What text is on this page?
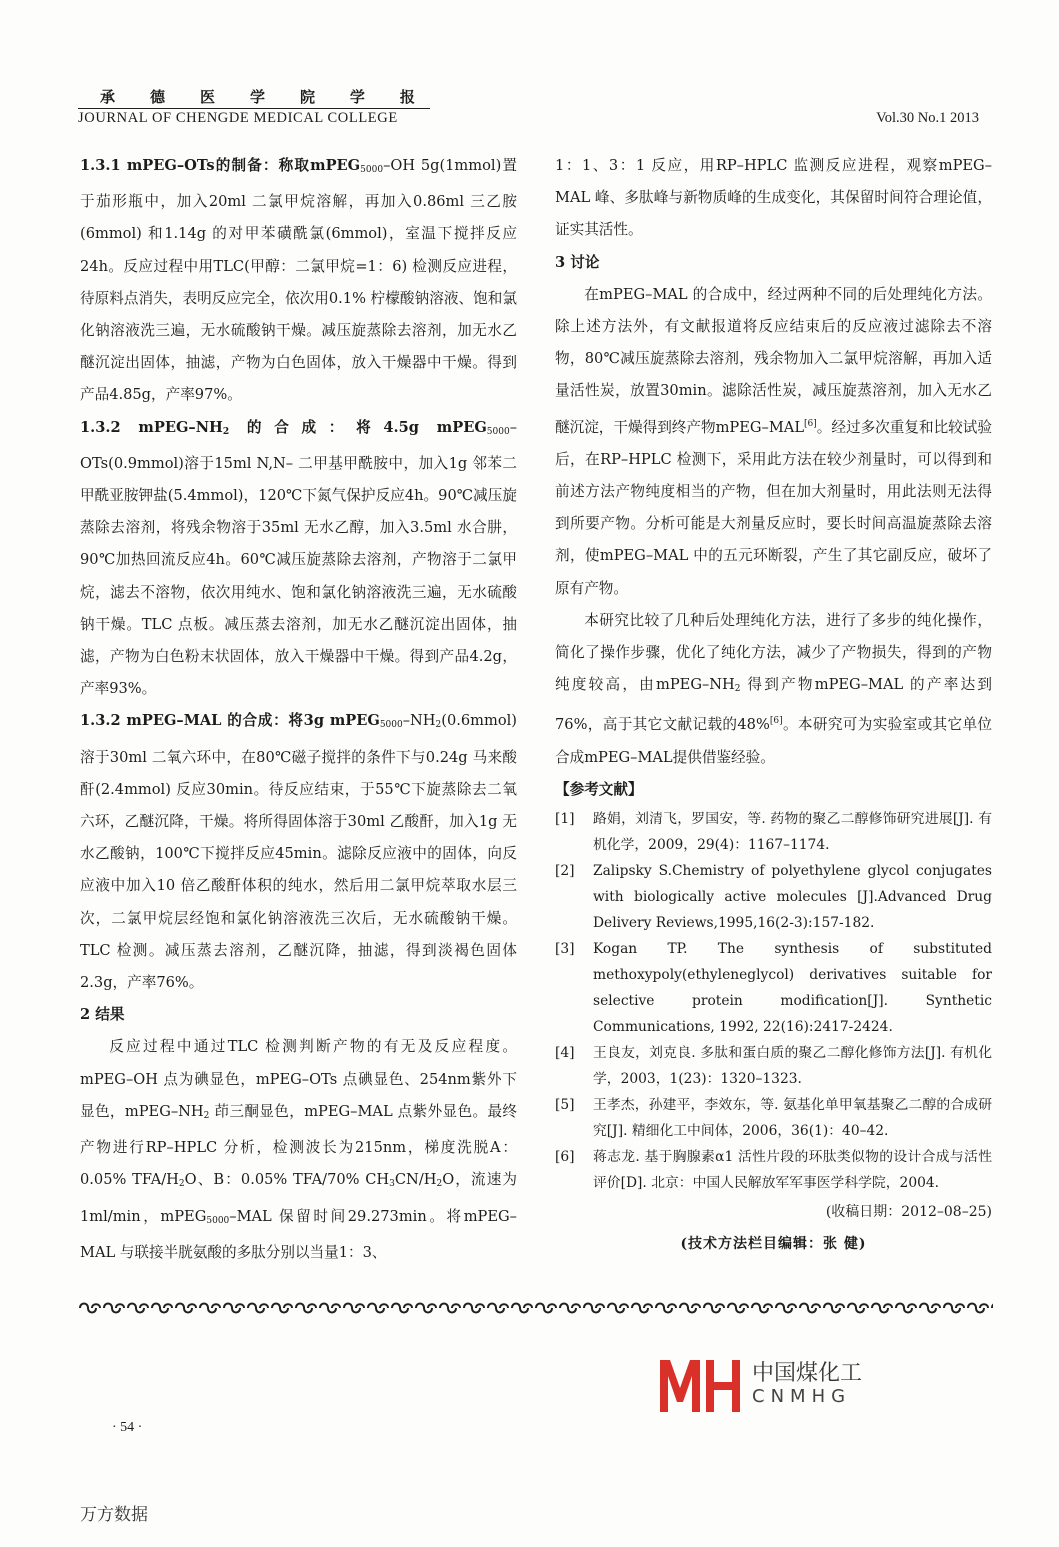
承 德 医 学 院 学 报
JOURNAL OF CHENGDE MEDICAL COLLEGE	Vol.30 No.1 2013

1.3.1 mPEG–OTs的制备：称取mPEG$_{5000}$–OH 5g(1mmol)置于茄形瓶中，加入20ml 二氯甲烷溶解，再加入0.86ml 三乙胺(6mmol) 和1.14g 的对甲苯磺酰氯(6mmol)，室温下搅拌反应24h。反应过程中用TLC(甲醇：二氯甲烷=1：6) 检测反应进程，待原料点消失，表明反应完全，依次用0.1% 柠檬酸钠溶液、饱和氯化钠溶液洗三遍，无水硫酸钠干燥。减压旋蒸除去溶剂，加无水乙醚沉淀出固体，抽滤，产物为白色固体，放入干燥器中干燥。得到产品4.85g，产率97%。

1.3.2 mPEG–$NH_2$ 的合成：将4.5g mPEG$_{5000}$–OTs(0.9mmol)溶于15ml N,N– 二甲基甲酰胺中，加入1g 邻苯二甲酰亚胺钾盐(5.4mmol)，120℃下氮气保护反应4h。90℃减压旋蒸除去溶剂，将残余物溶于35ml 无水乙醇，加入3.5ml 水合肼，90℃加热回流反应4h。60℃减压旋蒸除去溶剂，产物溶于二氯甲烷，滤去不溶物，依次用纯水、饱和氯化钠溶液洗三遍，无水硫酸钠干燥。TLC 点板。减压蒸去溶剂，加无水乙醚沉淀出固体，抽滤，产物为白色粉末状固体，放入干燥器中干燥。得到产品4.2g，产率93%。

1.3.2 mPEG–MAL 的合成：将3g $mPEG_{5000}-NH_2(0.6mmol)$溶于30ml 二氧六环中，在80℃磁子搅拌的条件下与0.24g 马来酸酐(2.4mmol) 反应30min。待反应结束，于55℃下旋蒸除去二氧六环，乙醚沉降，干燥。将所得固体溶于30ml 乙酸酐，加入1g 无水乙酸钠，100℃下搅拌反应45min。滤除反应液中的固体，向反应液中加入10 倍乙酸酐体积的纯水，然后用二氯甲烷萃取水层三次，二氯甲烷层经饱和氯化钠溶液洗三次后，无水硫酸钠干燥。TLC 检测。减压蒸去溶剂，乙醚沉降，抽滤，得到淡褐色固体2.3g，产率76%。

2 结果

反应过程中通过TLC 检测判断产物的有无及反应程度。mPEG–OH 点为碘显色，mPEG–OTs 点碘显色、254nm紫外下显色，mPEG–$NH_2$ 茚三酮显色，mPEG–MAL 点紫外显色。最终产物进行RP–HPLC 分析，检测波长为215nm，梯度洗脱A：0.05% TFA/$H_2O$、B：0.05% TFA/70% $CH_3CN/H_2O$，流速为1ml/min，mPEG$_{5000}$–MAL 保留时间29.273min。将mPEG–MAL 与联接半胱氨酸的多肽分别以当量1：3、

1：1、3：1 反应，用RP–HPLC 监测反应进程，观察mPEG–MAL 峰、多肽峰与新物质峰的生成变化，其保留时间符合理论值，证实其活性。

3 讨论

在mPEG–MAL 的合成中，经过两种不同的后处理纯化方法。除上述方法外，有文献报道将反应结束后的反应液过滤除去不溶物，80℃减压旋蒸除去溶剂，残余物加入二氯甲烷溶解，再加入适量活性炭，放置30min。滤除活性炭，减压旋蒸溶剂，加入无水乙醚沉淀，干燥得到终产物mPEG–MAL[6]。经过多次重复和比较试验后，在RP–HPLC 检测下，采用此方法在较少剂量时，可以得到和前述方法产物纯度相当的产物，但在加大剂量时，用此法则无法得到所要产物。分析可能是大剂量反应时，要长时间高温旋蒸除去溶剂，使mPEG–MAL 中的五元环断裂，产生了其它副反应，破坏了原有产物。

本研究比较了几种后处理纯化方法，进行了多步的纯化操作，简化了操作步骤，优化了纯化方法，减少了产物损失，得到的产物纯度较高，由mPEG–$NH_2$ 得到产物mPEG–MAL 的产率达到76%，高于其它文献记载的48%[6]。本研究可为实验室或其它单位合成mPEG–MAL提供借鉴经验。

【参考文献】

[1] 路娟，刘清飞，罗国安，等. 药物的聚乙二醇修饰研究进展[J]. 有机化学，2009，29(4)：1167–1174.
[2] Zalipsky S.Chemistry of polyethylene glycol conjugates with biologically active molecules [J].Advanced Drug Delivery Reviews,1995,16(2-3):157-182.
[3] Kogan TP. The synthesis of substituted methoxypoly(ethyleneglycol) derivatives suitable for selective protein modification[J]. Synthetic Communications, 1992, 22(16):2417-2424.
[4] 王良友，刘克良. 多肽和蛋白质的聚乙二醇化修饰方法[J]. 有机化学，2003，1(23)：1320–1323.
[5] 王孝杰，孙建平，李效东，等. 氨基化单甲氧基聚乙二醇的合成研究[J]. 精细化工中间体，2006，36(1)：40–42.
[6] 蒋志龙. 基于胸腺素α1 活性片段的环肽类似物的设计合成与活性评价[D]. 北京：中国人民解放军军事医学科学院，2004.

(收稿日期：2012–08–25)

(技术方法栏目编辑：张 健)

中国煤化工
CNMHG
· 54 ·
万方数据
